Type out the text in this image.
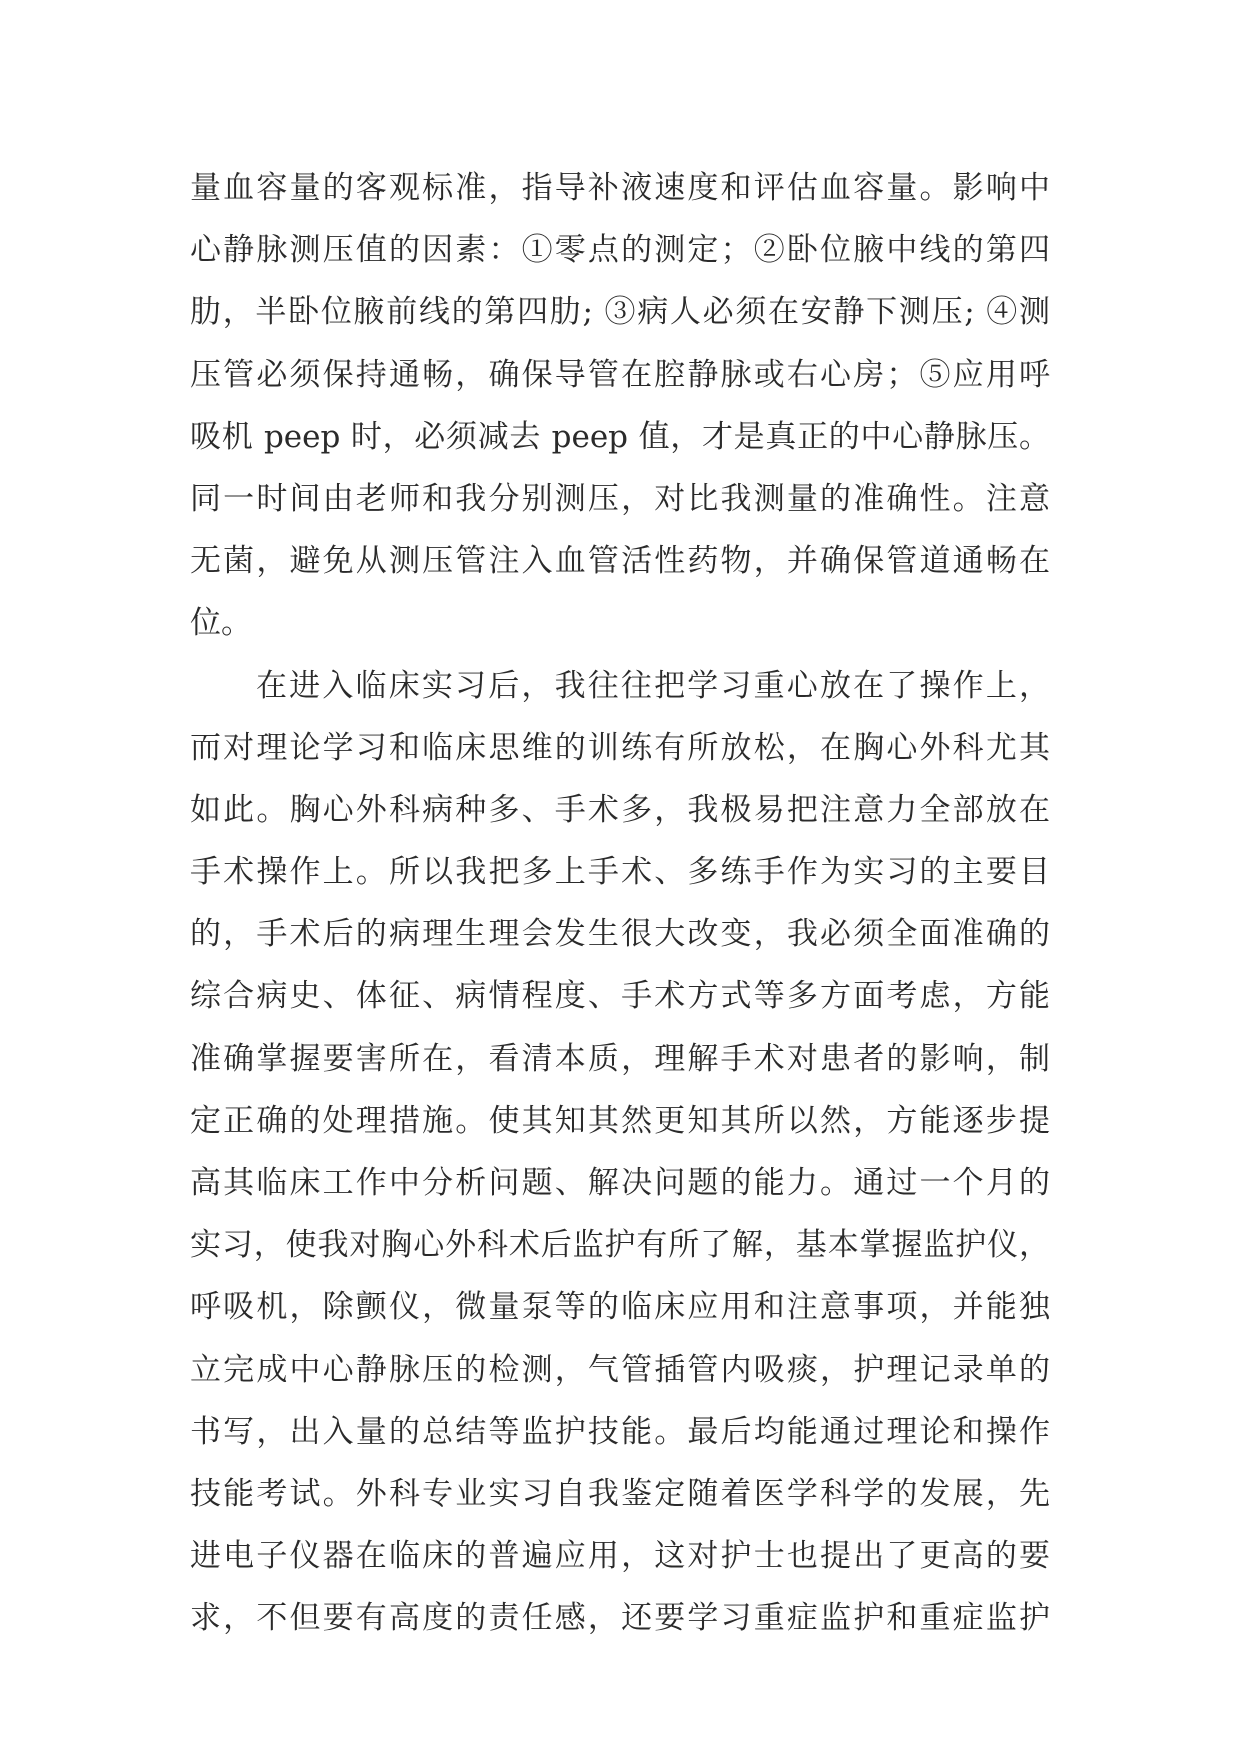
量血容量的客观标准，指导补液速度和评估血容量。影响中
心静脉测压值的因素：①零点的测定；②卧位腋中线的第四
肋，半卧位腋前线的第四肋; ③病人必须在安静下测压; ④测
压管必须保持通畅，确保导管在腔静脉或右心房；⑤应用呼
吸机 peep 时，必须减去 peep 值，才是真正的中心静脉压。
同一时间由老师和我分别测压，对比我测量的准确性。注意
无菌，避免从测压管注入血管活性药物，并确保管道通畅在
位。
在进入临床实习后，我往往把学习重心放在了操作上，
而对理论学习和临床思维的训练有所放松，在胸心外科尤其
如此。胸心外科病种多、手术多，我极易把注意力全部放在
手术操作上。所以我把多上手术、多练手作为实习的主要目
的，手术后的病理生理会发生很大改变，我必须全面准确的
综合病史、体征、病情程度、手术方式等多方面考虑，方能
准确掌握要害所在，看清本质，理解手术对患者的影响，制
定正确的处理措施。使其知其然更知其所以然，方能逐步提
高其临床工作中分析问题、解决问题的能力。通过一个月的
实习，使我对胸心外科术后监护有所了解，基本掌握监护仪，
呼吸机，除颤仪，微量泵等的临床应用和注意事项，并能独
立完成中心静脉压的检测，气管插管内吸痰，护理记录单的
书写，出入量的总结等监护技能。最后均能通过理论和操作
技能考试。外科专业实习自我鉴定随着医学科学的发展，先
进电子仪器在临床的普遍应用，这对护士也提出了更高的要
求，不但要有高度的责任感，还要学习重症监护和重症监护
